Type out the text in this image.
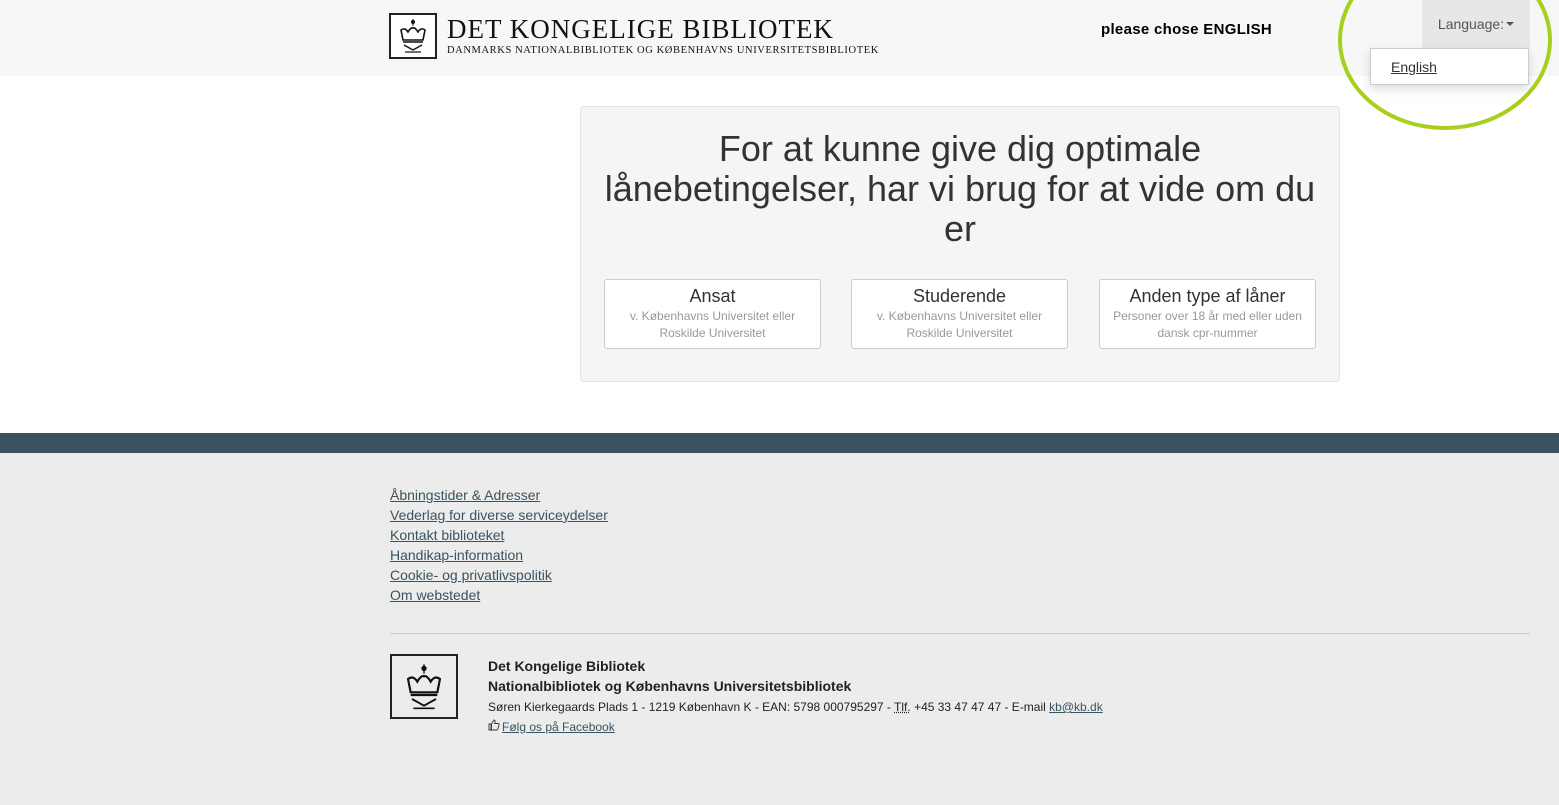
DET KONGELIGE BIBLIOTEK
DANMARKS NATIONALBIBLIOTEK OG KØBENHAVNS UNIVERSITETSBIBLIOTEK
please chose ENGLISH	Language:
English
For at kunne give dig optimale lånebetingelser, har vi brug for at vide om du er
Ansat
v. Københavns Universitet eller Roskilde Universitet
Studerende
v. Københavns Universitet eller Roskilde Universitet
Anden type af låner
Personer over 18 år med eller uden dansk cpr-nummer
Åbningstider & Adresser
Vederlag for diverse serviceydelser
Kontakt biblioteket
Handikap-information
Cookie- og privatlivspolitik
Om webstedet
Det Kongelige Bibliotek
Nationalbibliotek og Københavns Universitetsbibliotek
Søren Kierkegaards Plads 1 - 1219 København K - EAN: 5798 000795297 - Tlf. +45 33 47 47 47 - E-mail kb@kb.dk
Følg os på Facebook
